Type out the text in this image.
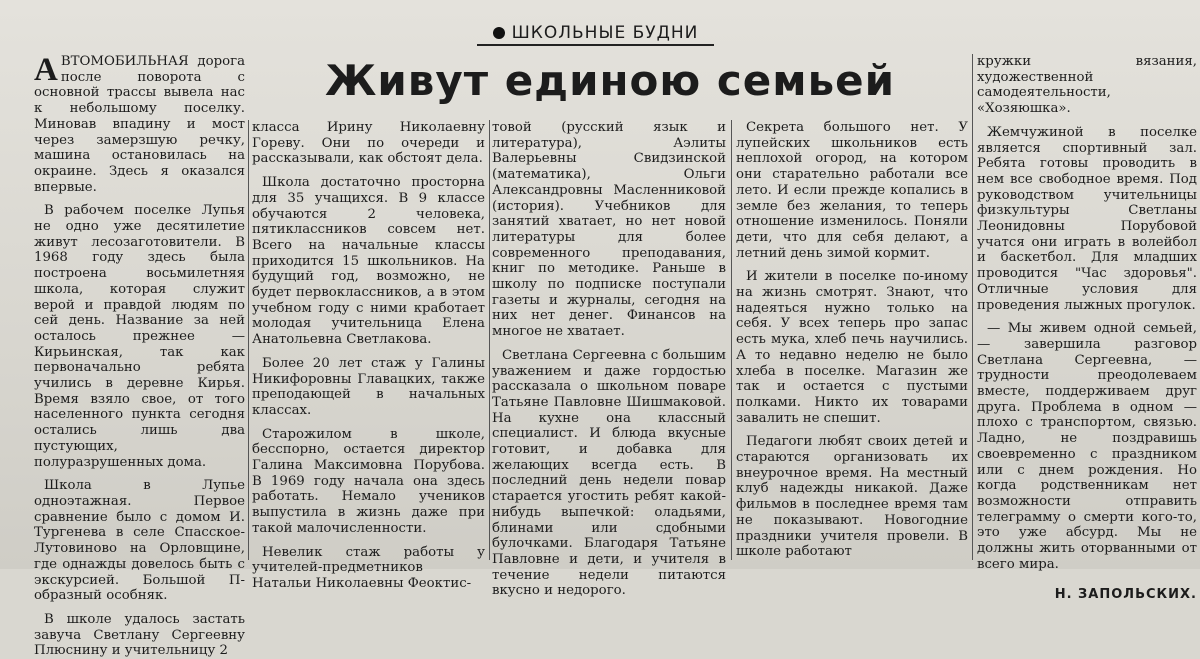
ШКОЛЬНЫЕ БУДНИ
Живут единою семьей

АВТОМОБИЛЬНАЯ дорога после поворота с основной трассы вывела нас к небольшому поселку. Миновав впадину и мост через замерзшую речку, машина остановилась на окраине. Здесь я оказался впервые.

В рабочем поселке Лупья не одно уже десятилетие живут лесозаготовители. В 1968 году здесь была построена восьмилетняя школа, которая служит верой и правдой людям по сей день. Название за ней осталось прежнее — Кирьинская, так как первоначально ребята учились в деревне Кирья. Время взяло свое, от того населенного пункта сегодня остались лишь два пустующих, полуразрушенных дома.

Школа в Лупье одноэтажная. Первое сравнение было с домом И. Тургенева в селе Спасское-Лутовиново на Орловщине, где однажды довелось быть с экскурсией. Большой П-образный особняк.

В школе удалось застать завуча Светлану Сергеевну Плюснину и учительницу 2

класса Ирину Николаевну Гореву. Они по очереди и рассказывали, как обстоят дела.

Школа достаточно просторна для 35 учащихся. В 9 классе обучаются 2 человека, пятиклассников совсем нет. Всего на начальные классы приходится 15 школьников. На будущий год, возможно, не будет первоклассников, а в этом учебном году с ними кработает молодая учительница Елена Анатольевна Светлакова.

Более 20 лет стаж у Галины Никифоровны Главацких, также преподающей в начальных классах.

Старожилом в школе, бесспорно, остается директор Галина Максимовна Порубова. В 1969 году начала она здесь работать. Немало учеников выпустила в жизнь даже при такой малочисленности.

Невелик стаж работы у учителей-предметников Натальи Николаевны Феоктис-

товой (русский язык и литература), Аэлиты Валерьевны Свидзинской (математика), Ольги Александровны Масленниковой (история). Учебников для занятий хватает, но нет новой литературы для более современного преподавания, книг по методике. Раньше в школу по подписке поступали газеты и журналы, сегодня на них нет денег. Финансов на многое не хватает.

Светлана Сергеевна с большим уважением и даже гордостью рассказала о школьном поваре Татьяне Павловне Шишмаковой. На кухне она классный специалист. И блюда вкусные готовит, и добавка для желающих всегда есть. В последний день недели повар старается угостить ребят какой-нибудь выпечкой: оладьями, блинами или сдобными булочками. Благодаря Татьяне Павловне и дети, и учителя в течение недели питаются вкусно и недорого.

Секрета большого нет. У лупейских школьников есть неплохой огород, на котором они старательно работали все лето. И если прежде копались в земле без желания, то теперь отношение изменилось. Поняли дети, что для себя делают, а летний день зимой кормит.

И жители в поселке по-иному на жизнь смотрят. Знают, что надеяться нужно только на себя. У всех теперь про запас есть мука, хлеб печь научились. А то недавно неделю не было хлеба в поселке. Магазин же так и остается с пустыми полками. Никто их товарами завалить не спешит.

Педагоги любят своих детей и стараются организовать их внеурочное время. На местный клуб надежды никакой. Даже фильмов в последнее время там не показывают. Новогодние праздники учителя провели. В школе работают

кружки вязания, художественной самодеятельности, «Хозяюшка».

Жемчужиной в поселке является спортивный зал. Ребята готовы проводить в нем все свободное время. Под руководством учительницы физкультуры Светланы Леонидовны Порубовой учатся они играть в волейбол и баскетбол. Для младших проводится "Час здоровья". Отличные условия для проведения лыжных прогулок.

— Мы живем одной семьей, — завершила разговор Светлана Сергеевна, — трудности преодолеваем вместе, поддерживаем друг друга. Проблема в одном — плохо с транспортом, связью. Ладно, не поздравишь своевременно с праздником или с днем рождения. Но когда родственникам нет возможности отправить телеграмму о смерти кого-то, это уже абсурд. Мы не должны жить оторванными от всего мира.

Н. ЗАПОЛЬСКИХ.
